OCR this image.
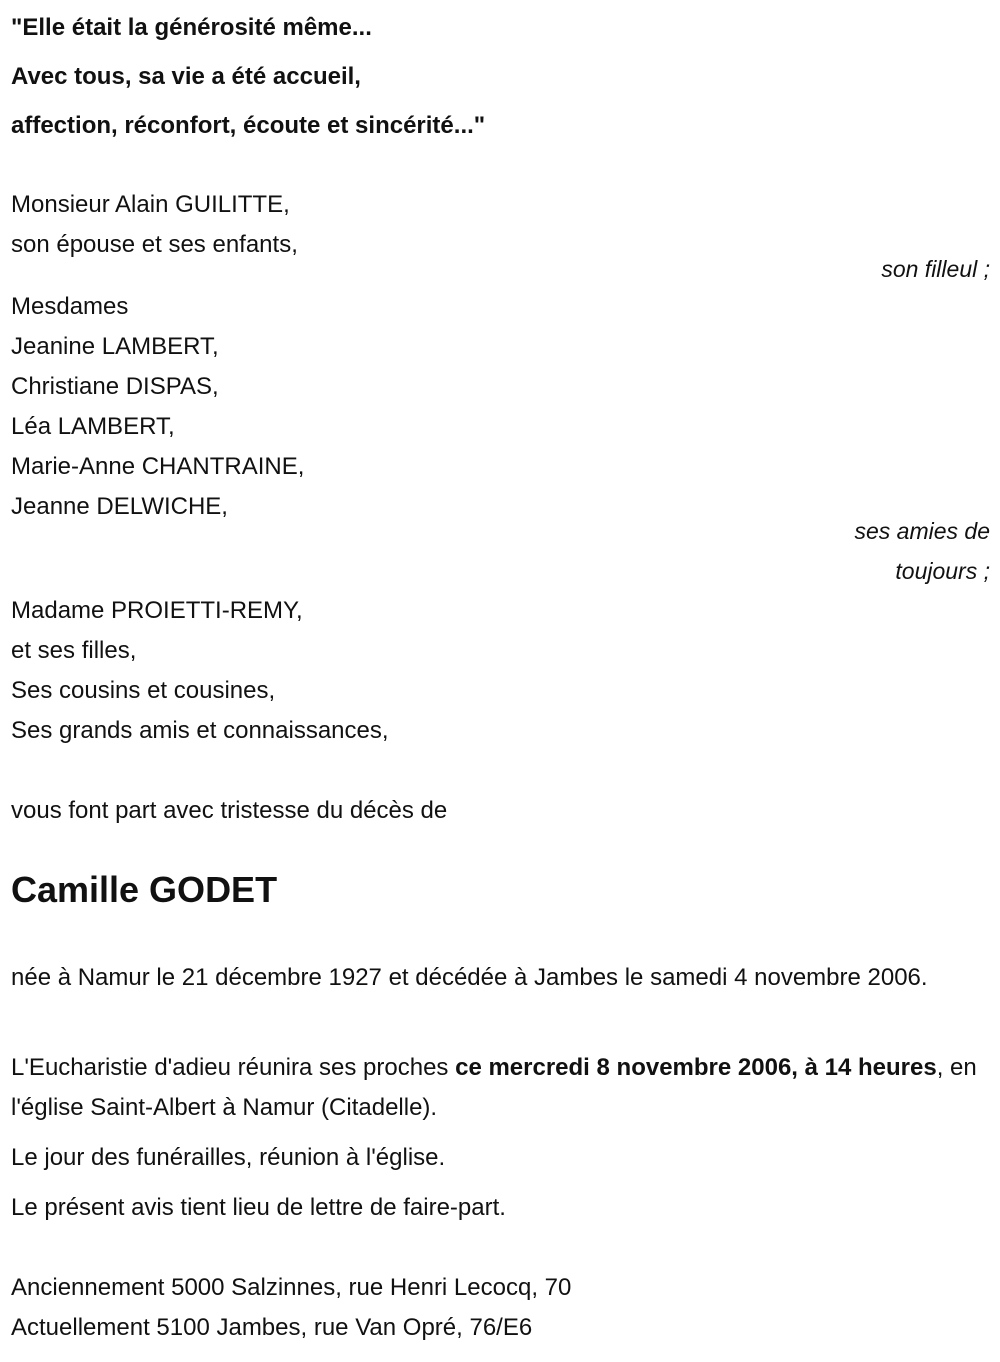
"Elle était la générosité même...
Avec tous, sa vie a été accueil,
affection, réconfort, écoute et sincérité..."
Monsieur Alain GUILITTE,
son épouse et ses enfants,
son filleul ;
Mesdames
Jeanine LAMBERT,
Christiane DISPAS,
Léa LAMBERT,
Marie-Anne CHANTRAINE,
Jeanne DELWICHE,
ses amies de
toujours ;
Madame PROIETTI-REMY,
et ses filles,
Ses cousins et cousines,
Ses grands amis et connaissances,
vous font part avec tristesse du décès de
Camille GODET
née à Namur le 21 décembre 1927 et décédée à Jambes le samedi 4 novembre 2006.
L'Eucharistie d'adieu réunira ses proches ce mercredi 8 novembre 2006, à 14 heures, en l'église Saint-Albert à Namur (Citadelle).
Le jour des funérailles, réunion à l'église.
Le présent avis tient lieu de lettre de faire-part.
Anciennement 5000 Salzinnes, rue Henri Lecocq, 70
Actuellement 5100 Jambes, rue Van Opré, 76/E6
